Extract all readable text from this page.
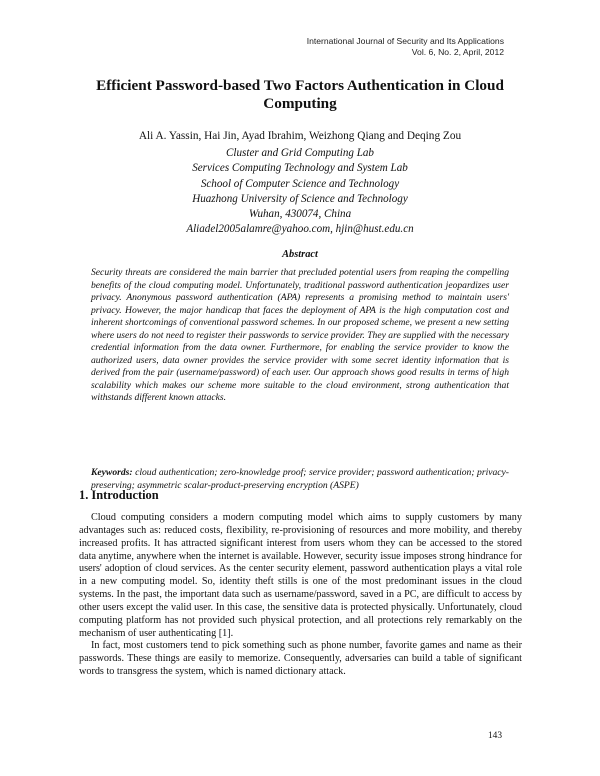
International Journal of Security and Its Applications
Vol. 6, No. 2, April, 2012
Efficient Password-based Two Factors Authentication in Cloud Computing
Ali A. Yassin, Hai Jin, Ayad Ibrahim, Weizhong Qiang and Deqing Zou
Cluster and Grid Computing Lab
Services Computing Technology and System Lab
School of Computer Science and Technology
Huazhong University of Science and Technology
Wuhan, 430074, China
Aliadel2005alamre@yahoo.com, hjin@hust.edu.cn
Abstract
Security threats are considered the main barrier that precluded potential users from reaping the compelling benefits of the cloud computing model. Unfortunately, traditional password authentication jeopardizes user privacy. Anonymous password authentication (APA) represents a promising method to maintain users' privacy. However, the major handicap that faces the deployment of APA is the high computation cost and inherent shortcomings of conventional password schemes. In our proposed scheme, we present a new setting where users do not need to register their passwords to service provider. They are supplied with the necessary credential information from the data owner. Furthermore, for enabling the service provider to know the authorized users, data owner provides the service provider with some secret identity information that is derived from the pair (username/password) of each user. Our approach shows good results in terms of high scalability which makes our scheme more suitable to the cloud environment, strong authentication that withstands different known attacks.
Keywords: cloud authentication; zero-knowledge proof; service provider; password authentication; privacy-preserving; asymmetric scalar-product-preserving encryption (ASPE)
1. Introduction

Cloud computing considers a modern computing model which aims to supply customers by many advantages such as: reduced costs, flexibility, re-provisioning of resources and more mobility, and thereby increased profits. It has attracted significant interest from users whom they can be accessed to the stored data anytime, anywhere when the internet is available. However, security issue imposes strong hindrance for users' adoption of cloud services. As the center security element, password authentication plays a vital role in a new computing model. So, identity theft stills is one of the most predominant issues in the cloud systems. In the past, the important data such as username/password, saved in a PC, are difficult to access by other users except the valid user. In this case, the sensitive data is protected physically. Unfortunately, cloud computing platform has not provided such physical protection, and all protections rely remarkably on the mechanism of user authenticating [1].

In fact, most customers tend to pick something such as phone number, favorite games and name as their passwords. These things are easily to memorize. Consequently, adversaries can build a table of significant words to transgress the system, which is named dictionary attack.

143
